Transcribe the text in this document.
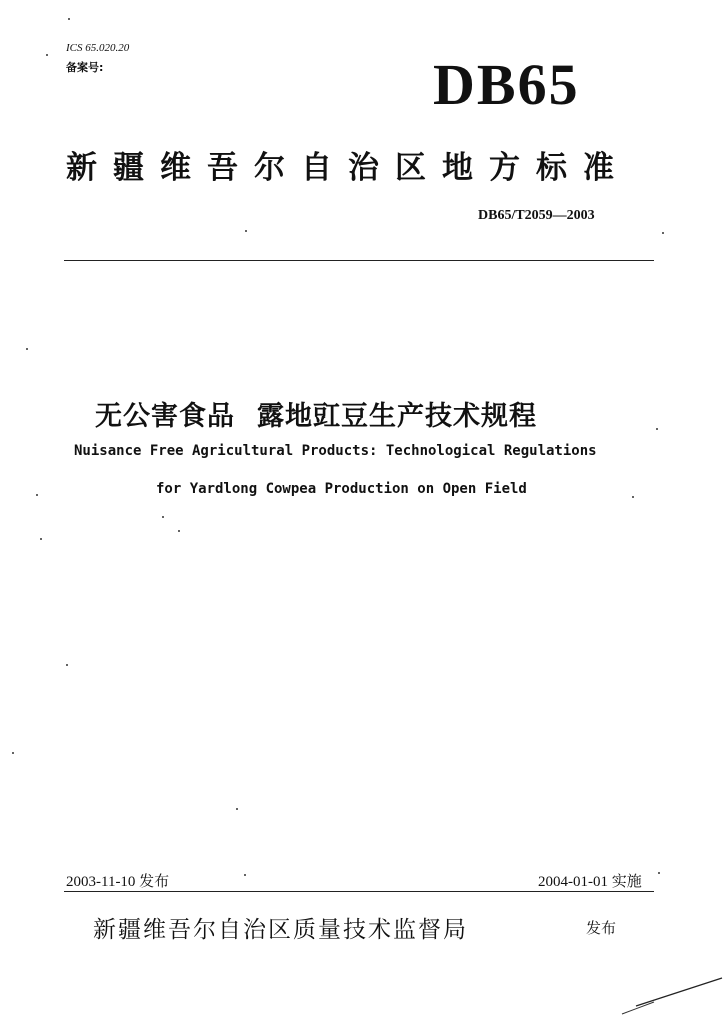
ICS 65.020.20
备案号:	DB65
新疆维吾尔自治区地方标准
DB65/T2059—2003
无公害食品 露地豇豆生产技术规程
Nuisance Free Agricultural Products: Technological Regulations
for Yardlong Cowpea Production on Open Field
2003-11-10 发布	2004-01-01 实施
新疆维吾尔自治区质量技术监督局	发布
